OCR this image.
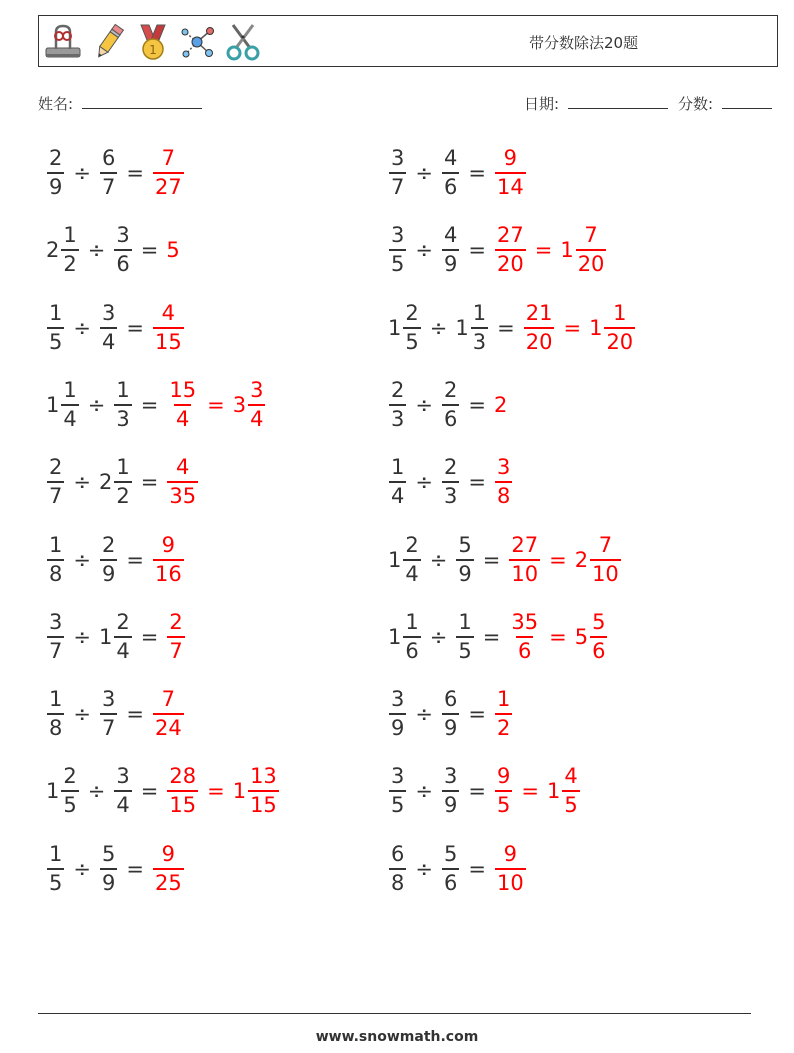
1	带分数除法20题
姓名:	日期:	分数:
$\frac{2}{9} \div \frac{6}{7} = \frac{7}{27}$
$2 \frac{1}{2} \div \frac{3}{6} = 5$
$\frac{1}{5} \div \frac{3}{4} = \frac{4}{15}$
$1 \frac{1}{4} \div \frac{1}{3} = \frac{15}{4} = 3 \frac{3}{4}$
$\frac{2}{7} \div 2 \frac{1}{2} = \frac{4}{35}$
$\frac{1}{8} \div \frac{2}{9} = \frac{9}{16}$
$\frac{3}{7} \div 1 \frac{2}{4} = \frac{2}{7}$
$\frac{1}{8} \div \frac{3}{7} = \frac{7}{24}$
$1 \frac{2}{5} \div \frac{3}{4} = \frac{28}{15} = 1 \frac{13}{15}$
$\frac{1}{5} \div \frac{5}{9} = \frac{9}{25}$
$\frac{3}{7} \div \frac{4}{6} = \frac{9}{14}$
$\frac{3}{5} \div \frac{4}{9} = \frac{27}{20} = 1 \frac{7}{20}$
$1 \frac{2}{5} \div 1 \frac{1}{3} = \frac{21}{20} = 1 \frac{1}{20}$
$\frac{2}{3} \div \frac{2}{6} = 2$
$\frac{1}{4} \div \frac{2}{3} = \frac{3}{8}$
$1 \frac{2}{4} \div \frac{5}{9} = \frac{27}{10} = 2 \frac{7}{10}$
$1 \frac{1}{6} \div \frac{1}{5} = \frac{35}{6} = 5 \frac{5}{6}$
$\frac{3}{9} \div \frac{6}{9} = \frac{1}{2}$
$\frac{3}{5} \div \frac{3}{9} = \frac{9}{5} = 1 \frac{4}{5}$
$\frac{6}{8} \div \frac{5}{6} = \frac{9}{10}$
www.snowmath.com
